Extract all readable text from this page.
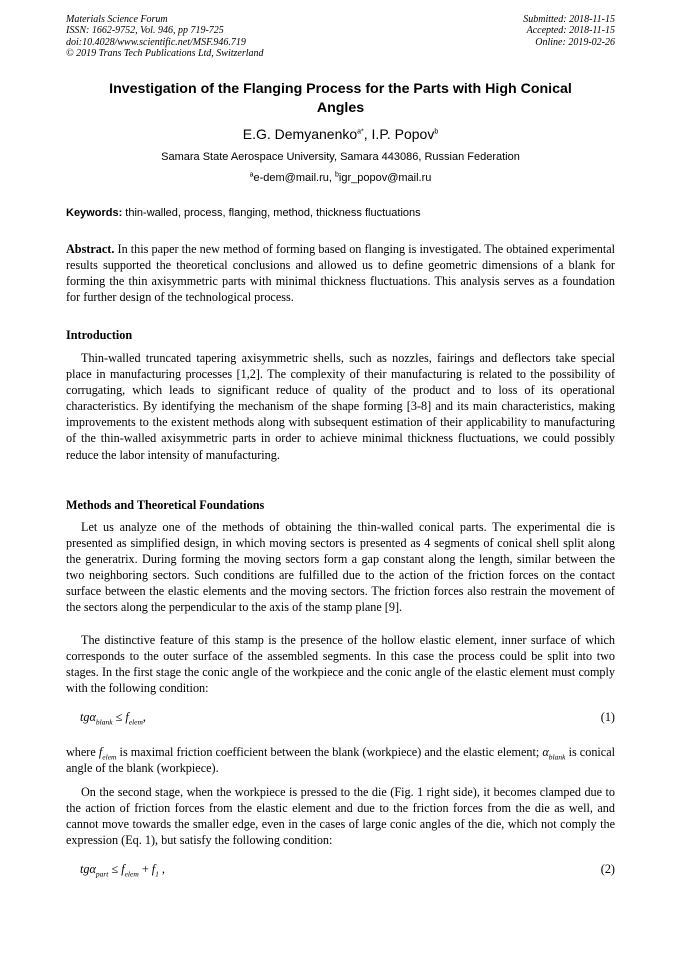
Materials Science Forum
ISSN: 1662-9752, Vol. 946, pp 719-725
doi:10.4028/www.scientific.net/MSF.946.719
© 2019 Trans Tech Publications Ltd, Switzerland
Submitted: 2018-11-15
Accepted: 2018-11-15
Online: 2019-02-26
Investigation of the Flanging Process for the Parts with High Conical
Angles
E.G. Demyanenko$^{a*}$, I.P. Popov$^b$
Samara State Aerospace University, Samara 443086, Russian Federation
$^a$e-dem@mail.ru, $^b$igr_popov@mail.ru
Keywords: thin-walled, process, flanging, method, thickness fluctuations
Abstract. In this paper the new method of forming based on flanging is investigated. The obtained experimental results supported the theoretical conclusions and allowed us to define geometric dimensions of a blank for forming the thin axisymmetric parts with minimal thickness fluctuations. This analysis serves as a foundation for further design of the technological process.
Introduction
Thin-walled truncated tapering axisymmetric shells, such as nozzles, fairings and deflectors take special place in manufacturing processes [1,2]. The complexity of their manufacturing is related to the possibility of corrugating, which leads to significant reduce of quality of the product and to loss of its operational characteristics. By identifying the mechanism of the shape forming [3-8] and its main characteristics, making improvements to the existent methods along with subsequent estimation of their applicability to manufacturing of the thin-walled axisymmetric parts in order to achieve minimal thickness fluctuations, we could possibly reduce the labor intensity of manufacturing.
Methods and Theoretical Foundations
Let us analyze one of the methods of obtaining the thin-walled conical parts. The experimental die is presented as simplified design, in which moving sectors is presented as 4 segments of conical shell split along the generatrix. During forming the moving sectors form a gap constant along the length, similar between the two neighboring sectors. Such conditions are fulfilled due to the action of the friction forces on the contact surface between the elastic elements and the moving sectors. The friction forces also restrain the movement of the sectors along the perpendicular to the axis of the stamp plane [9].
The distinctive feature of this stamp is the presence of the hollow elastic element, inner surface of which corresponds to the outer surface of the assembled segments. In this case the process could be split into two stages. In the first stage the conic angle of the workpiece and the conic angle of the elastic element must comply with the following condition:
$tg\alpha_{blank} \le f_{elem}$,	(1)
where $f_{elem}$ is maximal friction coefficient between the blank (workpiece) and the elastic element; $\alpha_{blank}$ is conical angle of the blank (workpiece).
On the second stage, when the workpiece is pressed to the die (Fig. 1 right side), it becomes clamped due to the action of friction forces from the elastic element and due to the friction forces from the die as well, and cannot move towards the smaller edge, even in the cases of large conic angles of the die, which not comply the expression (Eq. 1), but satisfy the following condition:
$tg\alpha_{part} \le f_{elem} + f_1$ ,	(2)
